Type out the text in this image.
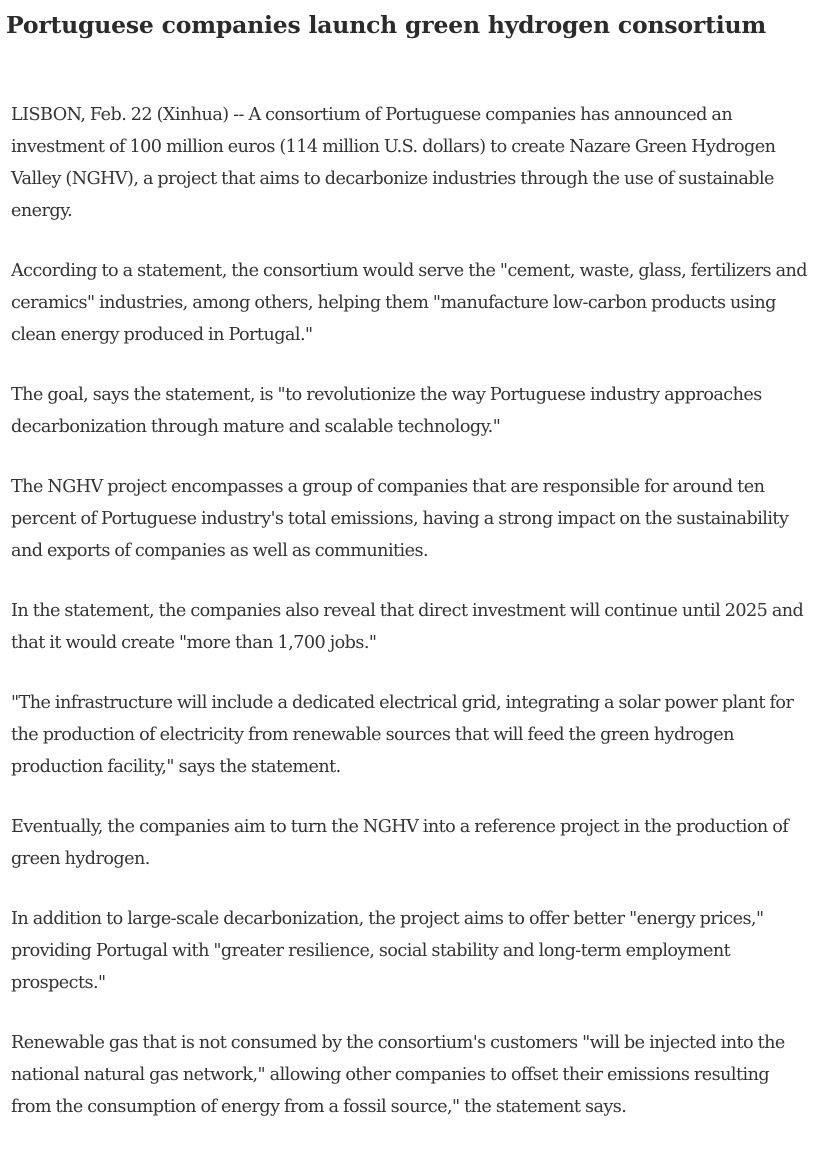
Portuguese companies launch green hydrogen consortium

LISBON, Feb. 22 (Xinhua) -- A consortium of Portuguese companies has announced an investment of 100 million euros (114 million U.S. dollars) to create Nazare Green Hydrogen Valley (NGHV), a project that aims to decarbonize industries through the use of sustainable energy.

According to a statement, the consortium would serve the "cement, waste, glass, fertilizers and ceramics" industries, among others, helping them "manufacture low-carbon products using clean energy produced in Portugal."

The goal, says the statement, is "to revolutionize the way Portuguese industry approaches decarbonization through mature and scalable technology."

The NGHV project encompasses a group of companies that are responsible for around ten percent of Portuguese industry's total emissions, having a strong impact on the sustainability and exports of companies as well as communities.

In the statement, the companies also reveal that direct investment will continue until 2025 and that it would create "more than 1,700 jobs."

"The infrastructure will include a dedicated electrical grid, integrating a solar power plant for the production of electricity from renewable sources that will feed the green hydrogen production facility," says the statement.

Eventually, the companies aim to turn the NGHV into a reference project in the production of green hydrogen.

In addition to large-scale decarbonization, the project aims to offer better "energy prices," providing Portugal with "greater resilience, social stability and long-term employment prospects."

Renewable gas that is not consumed by the consortium's customers "will be injected into the national natural gas network," allowing other companies to offset their emissions resulting from the consumption of energy from a fossil source," the statement says.
